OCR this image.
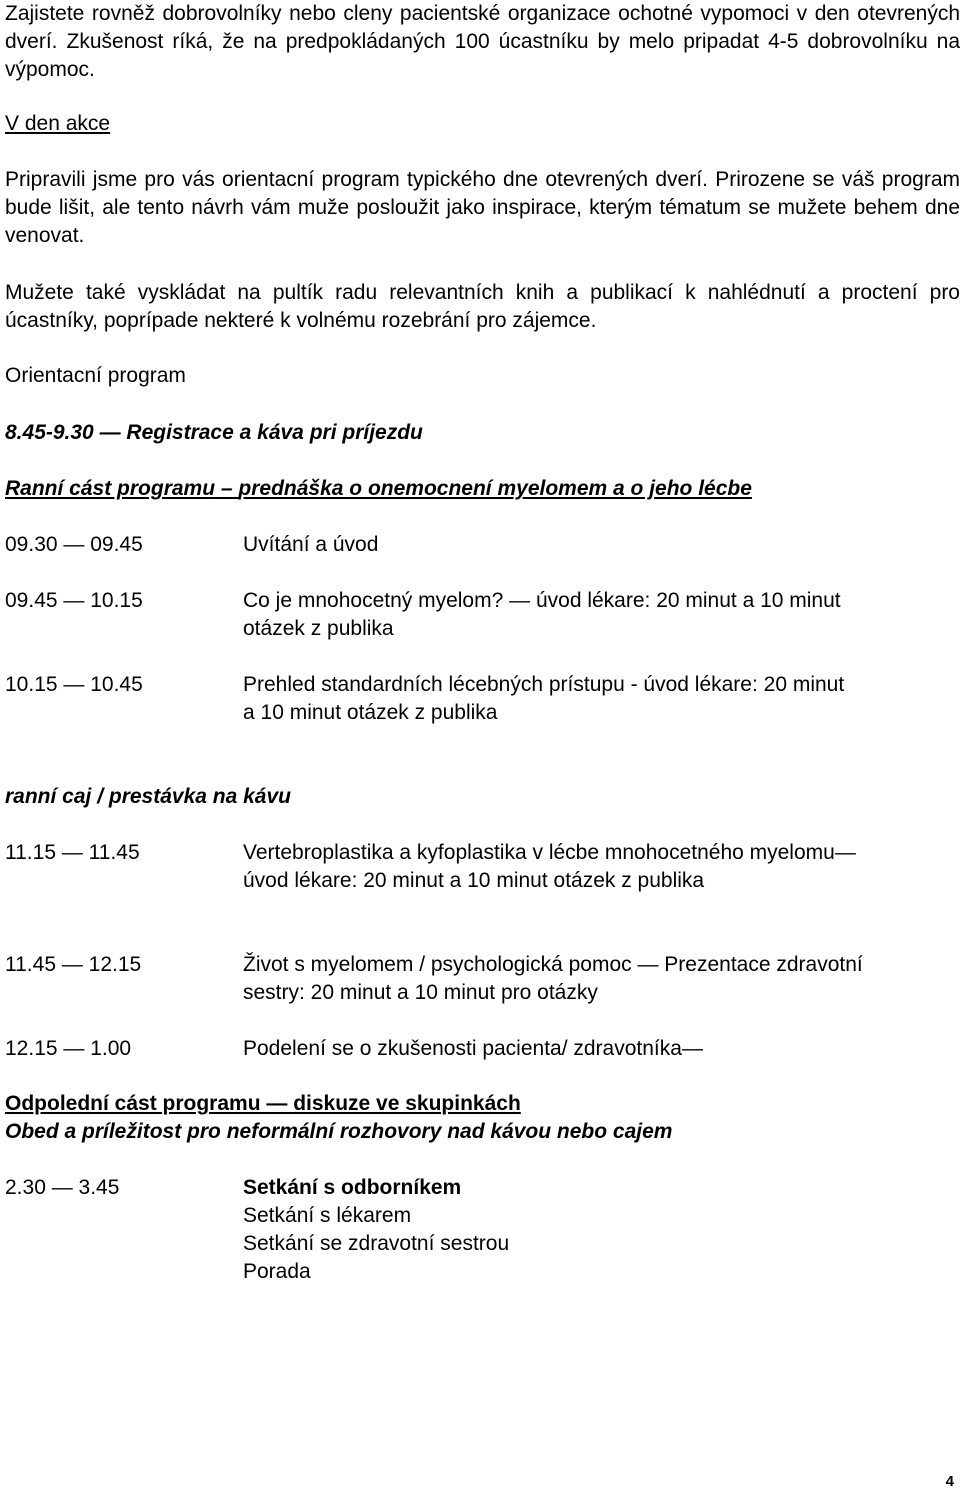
Zajistete rovněž dobrovolníky nebo cleny pacientské organizace ochotné vypomoci v den otevrených dverí. Zkušenost ríká, že na predpokládaných 100 úcastníku by melo pripadat 4-5 dobrovolníku na výpomoc.

V den akce

Pripravili jsme pro vás orientacní program typického dne otevrených dverí. Prirozene se váš program bude lišit, ale tento návrh vám muže posloužit jako inspirace, kterým tématum se mužete behem dne venovat.

Mužete také vyskládat na pultík radu relevantních knih a publikací k nahlédnutí a proctení pro úcastníky, poprípade nekteré k volnému rozebrání pro zájemce.

Orientacní program
8.45-9.30 — Registrace a káva pri príjezdu
Ranní cást programu – prednáška o onemocnení myelomem a o jeho lécbe
09.30 — 09.45	Uvítání a úvod
09.45 — 10.15	Co je mnohocetný myelom? — úvod lékare: 20 minut a 10 minut
otázek z publika
10.15 — 10.45	Prehled standardních lécebných prístupu - úvod lékare: 20 minut
a 10 minut otázek z publika
ranní caj / prestávka na kávu
11.15 — 11.45	Vertebroplastika a kyfoplastika v lécbe mnohocetného myelomu—
úvod lékare: 20 minut a 10 minut otázek z publika
11.45 — 12.15	Život s myelomem / psychologická pomoc — Prezentace zdravotní
sestry: 20 minut a 10 minut pro otázky
12.15 — 1.00	Podelení se o zkušenosti pacienta/ zdravotníka—
Odpolední cást programu — diskuze ve skupinkách
Obed a príležitost pro neformální rozhovory nad kávou nebo cajem
2.30 — 3.45	Setkání s odborníkem
Setkání s lékarem
Setkání se zdravotní sestrou
Porada
4
